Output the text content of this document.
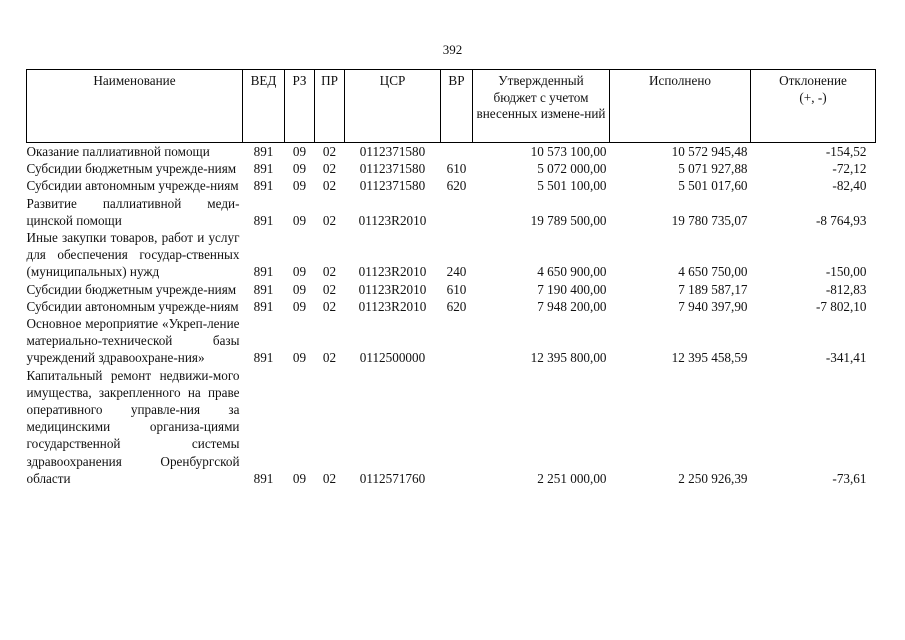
392
Наименование	ВЕД	РЗ	ПР	ЦСР	ВР	Утвержденный бюджет с учетом внесенных измене-ний	Исполнено	Отклонение
(+, -)

Оказание паллиативной помощи	891	09	02	0112371580		10 573 100,00	10 572 945,48	-154,52
Субсидии бюджетным учрежде-ниям	891	09	02	0112371580	610	5 072 000,00	5 071 927,88	-72,12
Субсидии автономным учрежде-ниям	891	09	02	0112371580	620	5 501 100,00	5 501 017,60	-82,40
Развитие паллиативной меди-цинской помощи	891	09	02	01123R2010		19 789 500,00	19 780 735,07	-8 764,93
Иные закупки товаров, работ и услуг для обеспечения государ-ственных (муниципальных) нужд	891	09	02	01123R2010	240	4 650 900,00	4 650 750,00	-150,00
Субсидии бюджетным учрежде-ниям	891	09	02	01123R2010	610	7 190 400,00	7 189 587,17	-812,83
Субсидии автономным учрежде-ниям	891	09	02	01123R2010	620	7 948 200,00	7 940 397,90	-7 802,10
Основное мероприятие «Укреп-ление материально-технической базы учреждений здравоохране-ния»	891	09	02	0112500000		12 395 800,00	12 395 458,59	-341,41
Капитальный ремонт недвижи-мого имущества, закрепленного на праве оперативного управле-ния за медицинскими организа-циями государственной системы здравоохранения Оренбургской области	891	09	02	0112571760		2 251 000,00	2 250 926,39	-73,61
